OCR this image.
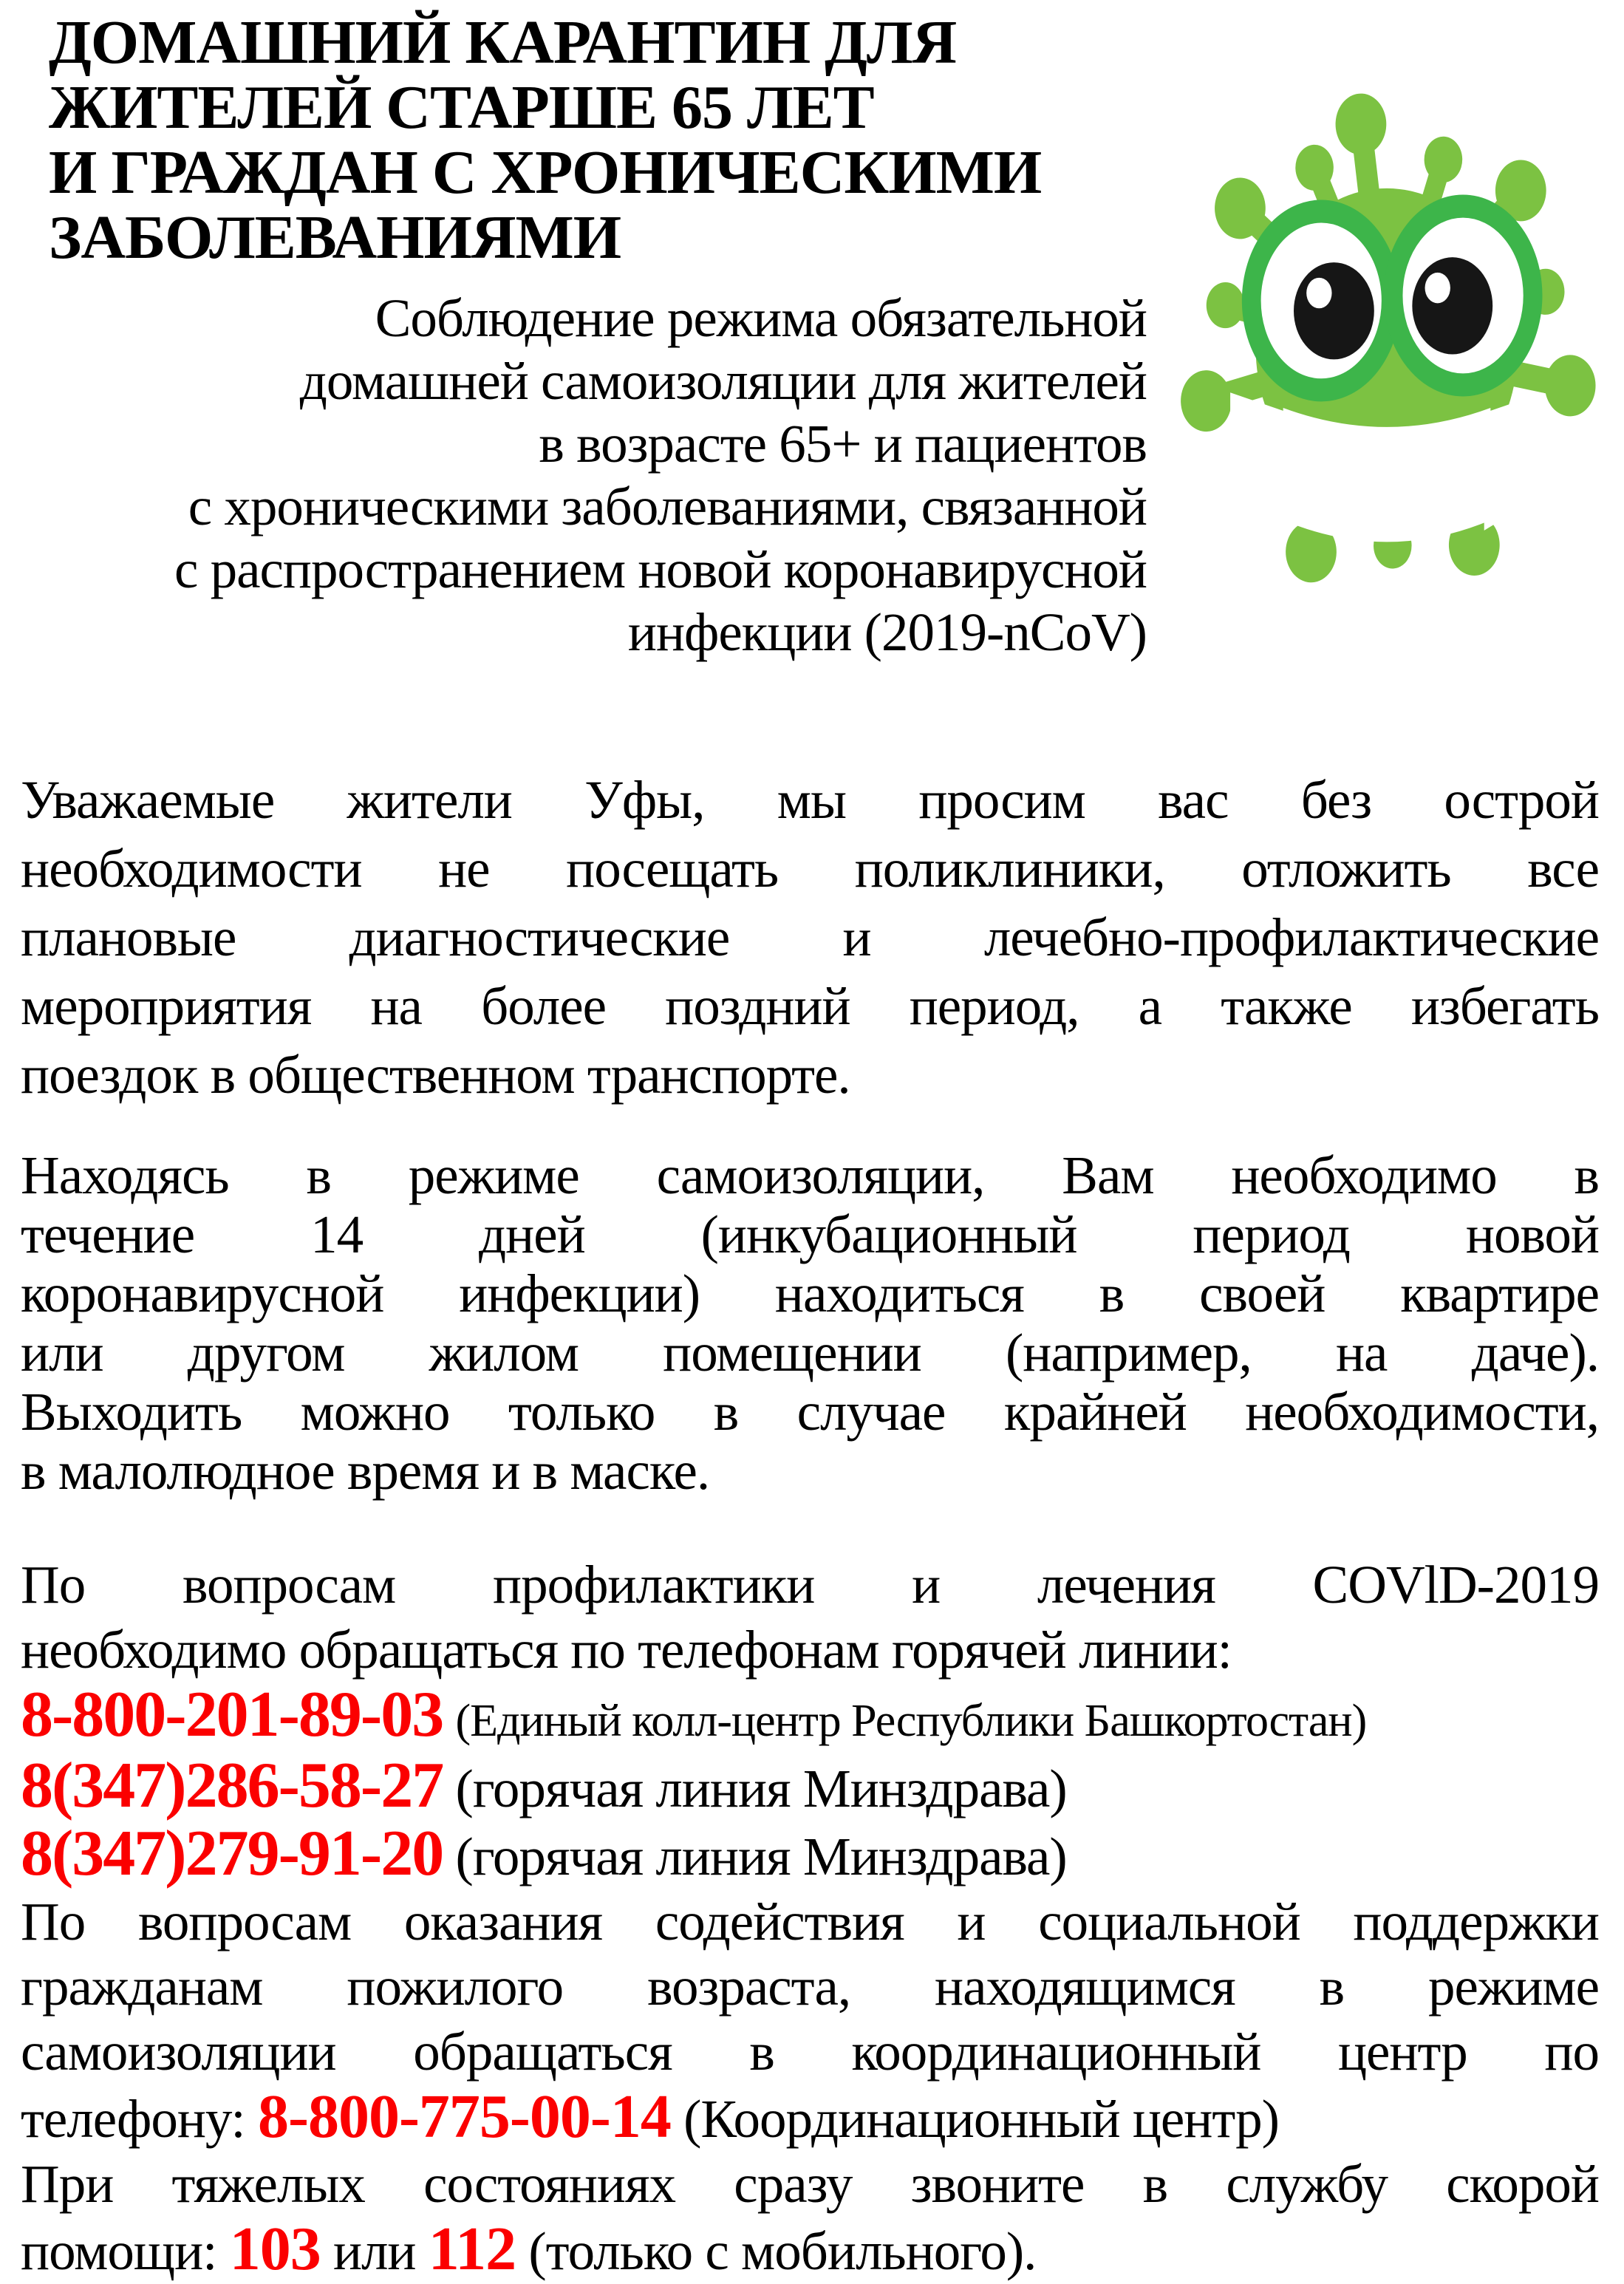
ДОМАШНИЙ КАРАНТИН ДЛЯ
ЖИТЕЛЕЙ СТАРШЕ 65 ЛЕТ
И ГРАЖДАН С ХРОНИЧЕСКИМИ
ЗАБОЛЕВАНИЯМИ
Соблюдение режима обязательной
домашней самоизоляции для жителей
в возрасте 65+ и пациентов
с хроническими заболеваниями, связанной
с распространением новой коронавирусной
инфекции (2019-nCoV)
Уважаемые жители Уфы, мы просим вас без острой
необходимости не посещать поликлиники, отложить все
плановые диагностические и лечебно-профилактические
мероприятия на более поздний период, а также избегать
поездок в общественном транспорте.
Находясь в режиме самоизоляции, Вам необходимо в
течение 14 дней (инкубационный период новой
коронавирусной инфекции) находиться в своей квартире
или другом жилом помещении (например, на даче).
Выходить можно только в случае крайней необходимости,
в малолюдное время и в маске.
По вопросам профилактики и лечения COVlD-2019
необходимо обращаться по телефонам горячей линии:
8-800-201-89-03 (Единый колл-центр Республики Башкортостан)
8(347)286-58-27 (горячая линия Минздрава)
8(347)279-91-20 (горячая линия Минздрава)
По вопросам оказания содействия и социальной поддержки
гражданам пожилого возраста, находящимся в режиме
самоизоляции обращаться в координационный центр по
телефону: 8-800-775-00-14 (Координационный центр)
При тяжелых состояниях сразу звоните в службу скорой
помощи: 103 или 112 (только с мобильного).
